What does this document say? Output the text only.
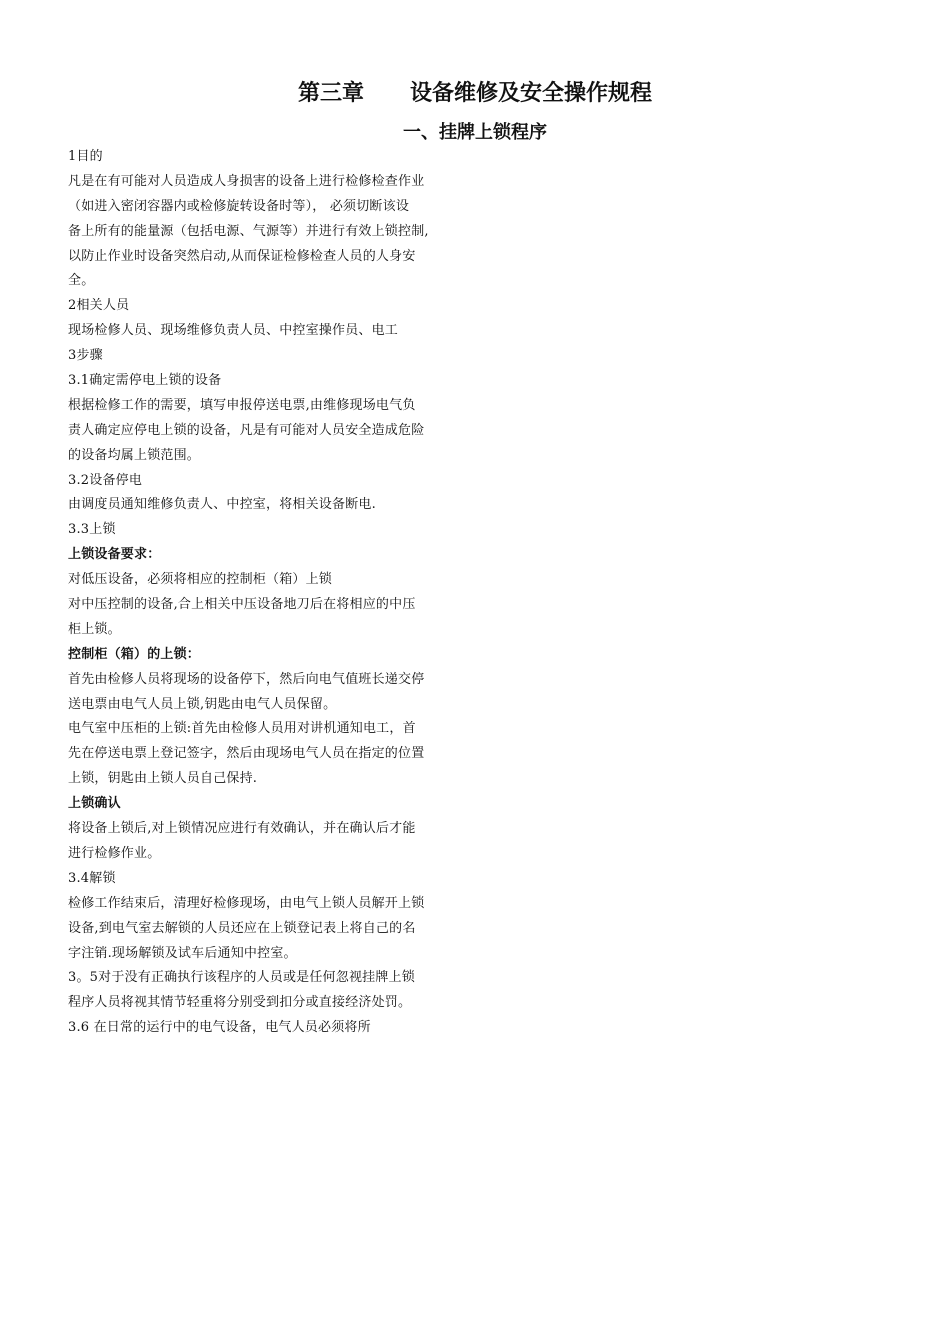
第三章 设备维修及安全操作规程
一、挂牌上锁程序
1目的
凡是在有可能对人员造成人身损害的设备上进行检修检查作业
（如进入密闭容器内或检修旋转设备时等）， 必须切断该设
备上所有的能量源（包括电源、气源等）并进行有效上锁控制,
以防止作业时设备突然启动,从而保证检修检查人员的人身安
全。
2相关人员
现场检修人员、现场维修负责人员、中控室操作员、电工
3步骤
3.1确定需停电上锁的设备
根据检修工作的需要，填写申报停送电票,由维修现场电气负
责人确定应停电上锁的设备，凡是有可能对人员安全造成危险
的设备均属上锁范围。
3.2设备停电
由调度员通知维修负责人、中控室，将相关设备断电.
3.3上锁
上锁设备要求：
对低压设备，必须将相应的控制柜（箱）上锁
对中压控制的设备,合上相关中压设备地刀后在将相应的中压
柜上锁。
控制柜（箱）的上锁：
首先由检修人员将现场的设备停下，然后向电气值班长递交停
送电票由电气人员上锁,钥匙由电气人员保留。
电气室中压柜的上锁:首先由检修人员用对讲机通知电工，首
先在停送电票上登记签字，然后由现场电气人员在指定的位置
上锁，钥匙由上锁人员自己保持.
上锁确认
将设备上锁后,对上锁情况应进行有效确认，并在确认后才能
进行检修作业。
3.4解锁
检修工作结束后，清理好检修现场，由电气上锁人员解开上锁
设备,到电气室去解锁的人员还应在上锁登记表上将自己的名
字注销.现场解锁及试车后通知中控室。
3。5对于没有正确执行该程序的人员或是任何忽视挂牌上锁
程序人员将视其情节轻重将分别受到扣分或直接经济处罚。
3.6 在日常的运行中的电气设备，电气人员必须将所
